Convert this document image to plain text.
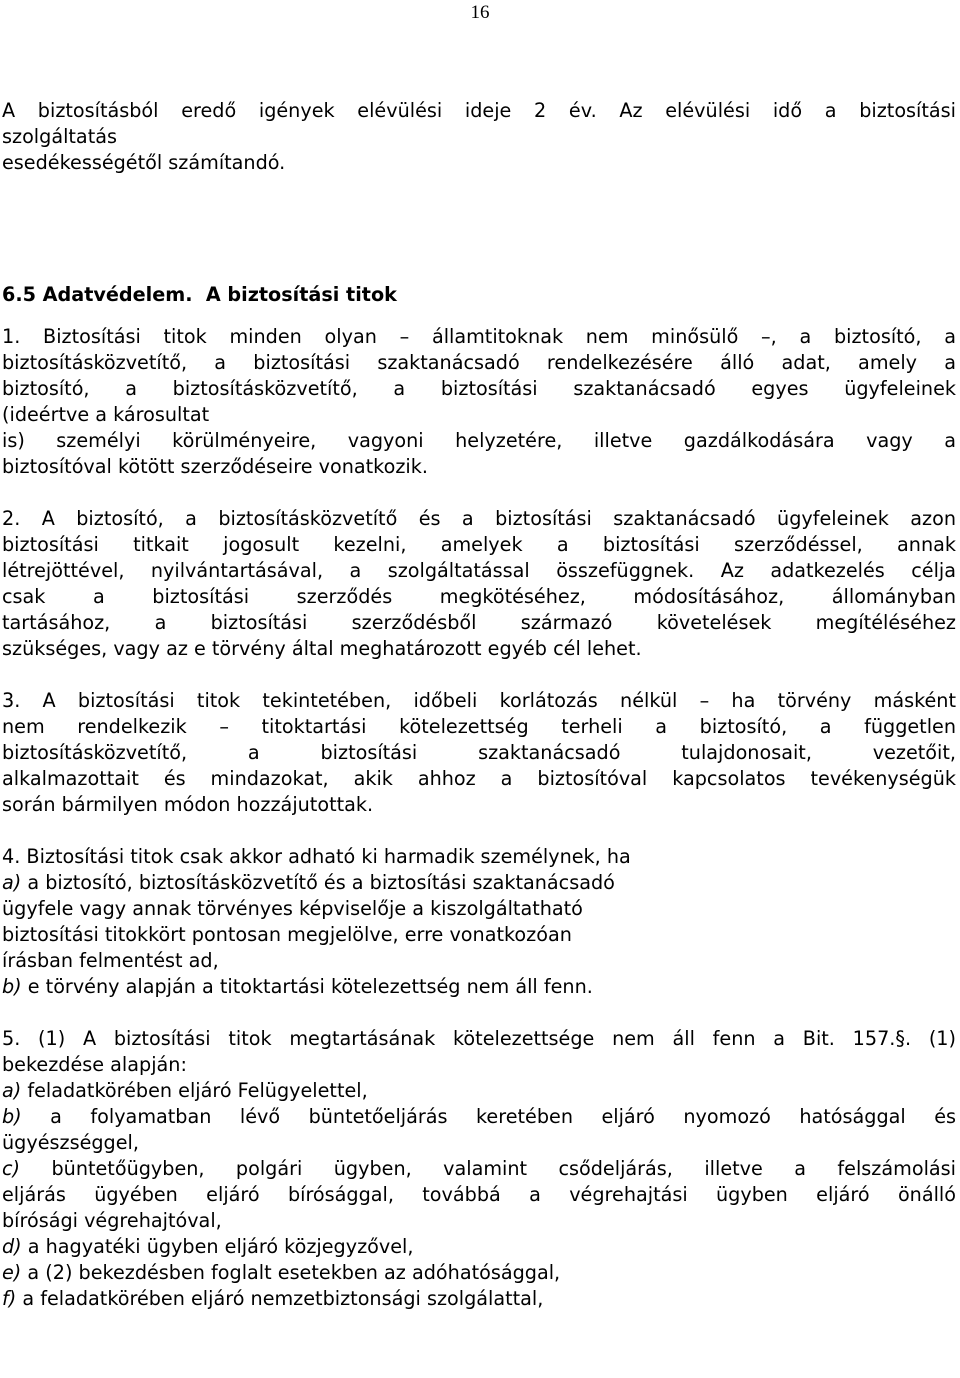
16
A biztosításból eredő igények elévülési ideje 2 év. Az elévülési idő a biztosítási
szolgáltatás
esedékességétől számítandó.
6.5 Adatvédelem.  A biztosítási titok
1. Biztosítási titok minden olyan – államtitoknak nem minősülő –, a biztosító, a
biztosításközvetítő, a biztosítási szaktanácsadó rendelkezésére álló adat, amely a
biztosító, a biztosításközvetítő, a biztosítási szaktanácsadó egyes ügyfeleinek
(ideértve a károsultat
is) személyi körülményeire, vagyoni helyzetére, illetve gazdálkodására vagy a
biztosítóval kötött szerződéseire vonatkozik.
2. A biztosító, a biztosításközvetítő és a biztosítási szaktanácsadó ügyfeleinek azon
biztosítási titkait jogosult kezelni, amelyek a biztosítási szerződéssel, annak
létrejöttével, nyilvántartásával, a szolgáltatással összefüggnek. Az adatkezelés célja
csak a biztosítási szerződés megkötéséhez, módosításához, állományban
tartásához, a biztosítási szerződésből származó követelések megítéléséhez
szükséges, vagy az e törvény által meghatározott egyéb cél lehet.
3. A biztosítási titok tekintetében, időbeli korlátozás nélkül – ha törvény másként
nem rendelkezik – titoktartási kötelezettség terheli a biztosító, a független
biztosításközvetítő, a biztosítási szaktanácsadó tulajdonosait, vezetőit,
alkalmazottait és mindazokat, akik ahhoz a biztosítóval kapcsolatos tevékenységük
során bármilyen módon hozzájutottak.
4. Biztosítási titok csak akkor adható ki harmadik személynek, ha
a) a biztosító, biztosításközvetítő és a biztosítási szaktanácsadó
ügyfele vagy annak törvényes képviselője a kiszolgáltatható
biztosítási titokkört pontosan megjelölve, erre vonatkozóan
írásban felmentést ad,
b) e törvény alapján a titoktartási kötelezettség nem áll fenn.
5. (1) A biztosítási titok megtartásának kötelezettsége nem áll fenn a Bit. 157.§. (1)
bekezdése alapján:
a) feladatkörében eljáró Felügyelettel,
b) a folyamatban lévő büntetőeljárás keretében eljáró nyomozó hatósággal és
ügyészséggel,
c) büntetőügyben, polgári ügyben, valamint csődeljárás, illetve a felszámolási
eljárás ügyében eljáró bírósággal, továbbá a végrehajtási ügyben eljáró önálló
bírósági végrehajtóval,
d) a hagyatéki ügyben eljáró közjegyzővel,
e) a (2) bekezdésben foglalt esetekben az adóhatósággal,
f) a feladatkörében eljáró nemzetbiztonsági szolgálattal,
